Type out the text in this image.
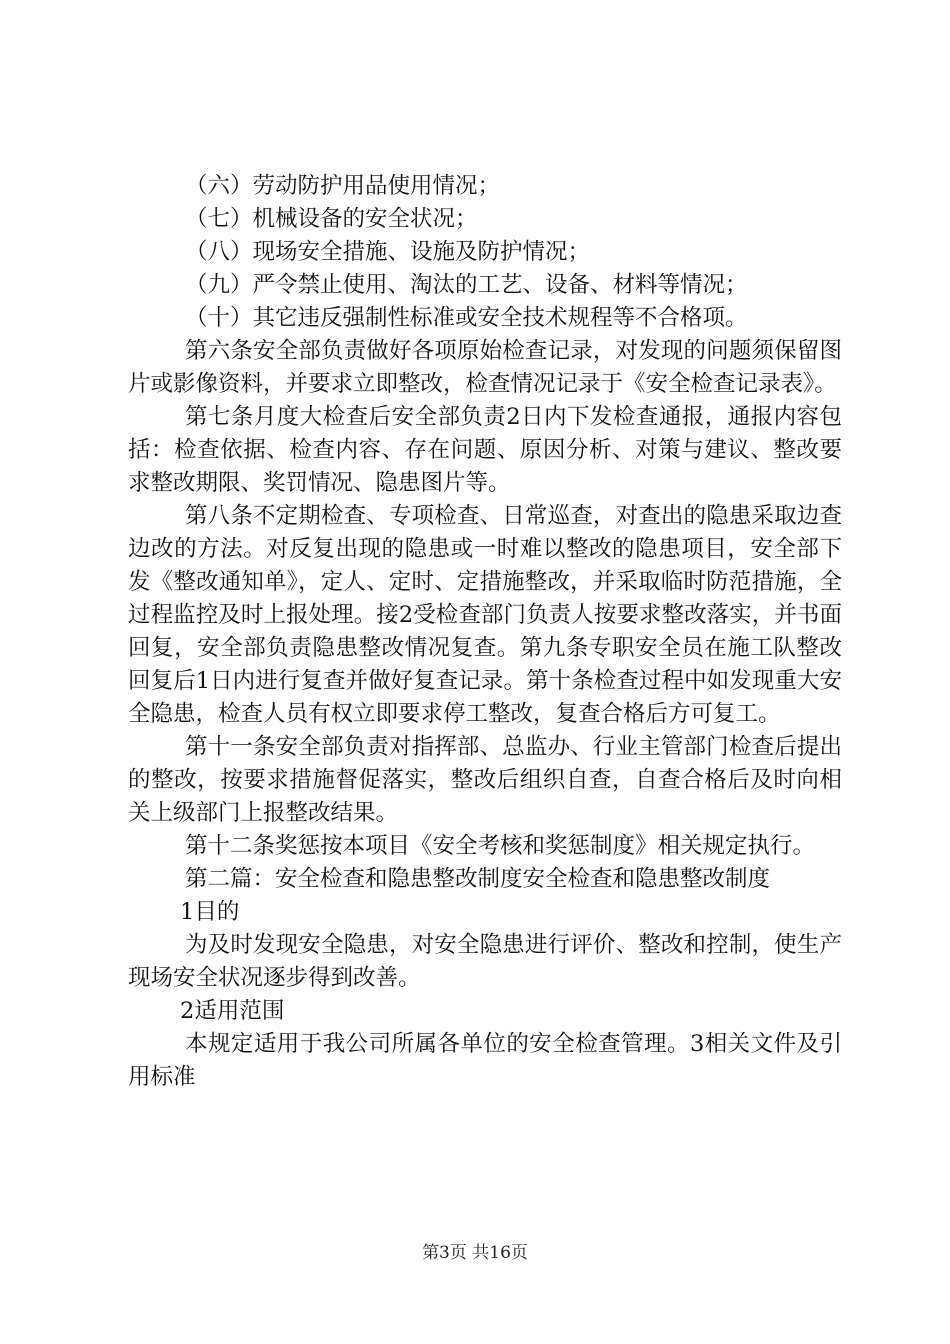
（六）劳动防护用品使用情况；

（七）机械设备的安全状况；

（八）现场安全措施、设施及防护情况；

（九）严令禁止使用、淘汰的工艺、设备、材料等情况；

（十）其它违反强制性标准或安全技术规程等不合格项。

第六条安全部负责做好各项原始检查记录，对发现的问题须保留图片或影像资料，并要求立即整改，检查情况记录于《安全检查记录表》。

第七条月度大检查后安全部负责2日内下发检查通报，通报内容包括：检查依据、检查内容、存在问题、原因分析、对策与建议、整改要求整改期限、奖罚情况、隐患图片等。

第八条不定期检查、专项检查、日常巡查，对查出的隐患采取边查边改的方法。对反复出现的隐患或一时难以整改的隐患项目，安全部下发《整改通知单》，定人、定时、定措施整改，并采取临时防范措施，全过程监控及时上报处理。接2受检查部门负责人按要求整改落实，并书面回复，安全部负责隐患整改情况复查。第九条专职安全员在施工队整改回复后1日内进行复查并做好复查记录。第十条检查过程中如发现重大安全隐患，检查人员有权立即要求停工整改，复查合格后方可复工。

第十一条安全部负责对指挥部、总监办、行业主管部门检查后提出的整改，按要求措施督促落实，整改后组织自查，自查合格后及时向相关上级部门上报整改结果。

第十二条奖惩按本项目《安全考核和奖惩制度》相关规定执行。

第二篇：安全检查和隐患整改制度安全检查和隐患整改制度

1目的

为及时发现安全隐患，对安全隐患进行评价、整改和控制，使生产现场安全状况逐步得到改善。

2适用范围

本规定适用于我公司所属各单位的安全检查管理。3相关文件及引用标准

第3页 共16页
